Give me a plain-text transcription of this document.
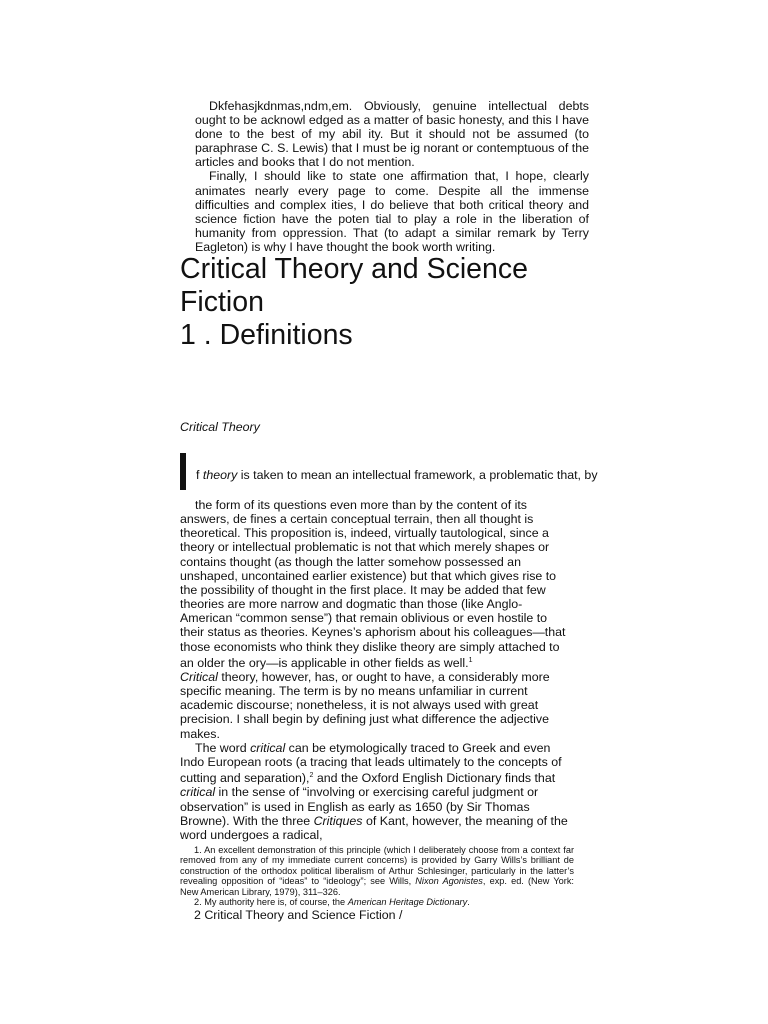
Dkfehasjkdnmas,ndm,em. Obviously, genuine intellectual debts ought to be acknowl edged as a matter of basic honesty, and this I have done to the best of my abil ity. But it should not be assumed (to paraphrase C. S. Lewis) that I must be ig norant or contemptuous of the articles and books that I do not mention.

Finally, I should like to state one affirmation that, I hope, clearly animates nearly every page to come. Despite all the immense difficulties and complex ities, I do believe that both critical theory and science fiction have the poten tial to play a role in the liberation of humanity from oppression. That (to adapt a similar remark by Terry Eagleton) is why I have thought the book worth writing.

Critical Theory and Science
Fiction
1 . Definitions
Critical Theory
f theory is taken to mean an intellectual framework, a problematic that, by

the form of its questions even more than by the content of its answers, de fines a certain conceptual terrain, then all thought is theoretical. This proposition is, indeed, virtually tautological, since a theory or intellectual problematic is not that which merely shapes or contains thought (as though the latter somehow possessed an unshaped, uncontained earlier existence) but that which gives rise to the possibility of thought in the first place. It may be added that few theories are more narrow and dogmatic than those (like Anglo-American “common sense”) that remain oblivious or even hostile to their status as theories. Keynes’s aphorism about his colleagues—that those economists who think they dislike theory are simply attached to an older the ory—is applicable in other fields as well.$^1$

Critical theory, however, has, or ought to have, a considerably more specific meaning. The term is by no means unfamiliar in current academic discourse; nonetheless, it is not always used with great precision. I shall begin by defining just what difference the adjective makes.

The word critical can be etymologically traced to Greek and even Indo European roots (a tracing that leads ultimately to the concepts of cutting and separation),$^2$ and the Oxford English Dictionary finds that critical in the sense of “involving or exercising careful judgment or observation” is used in English as early as 1650 (by Sir Thomas Browne). With the three Critiques of Kant, however, the meaning of the word undergoes a radical,

1. An excellent demonstration of this principle (which I deliberately choose from a context far removed from any of my immediate current concerns) is provided by Garry Wills’s brilliant de construction of the orthodox political liberalism of Arthur Schlesinger, particularly in the latter’s revealing opposition of “ideas” to “ideology”; see Wills, Nixon Agonistes, exp. ed. (New York: New American Library, 1979), 311–326.

2. My authority here is, of course, the American Heritage Dictionary.

2 Critical Theory and Science Fiction /
